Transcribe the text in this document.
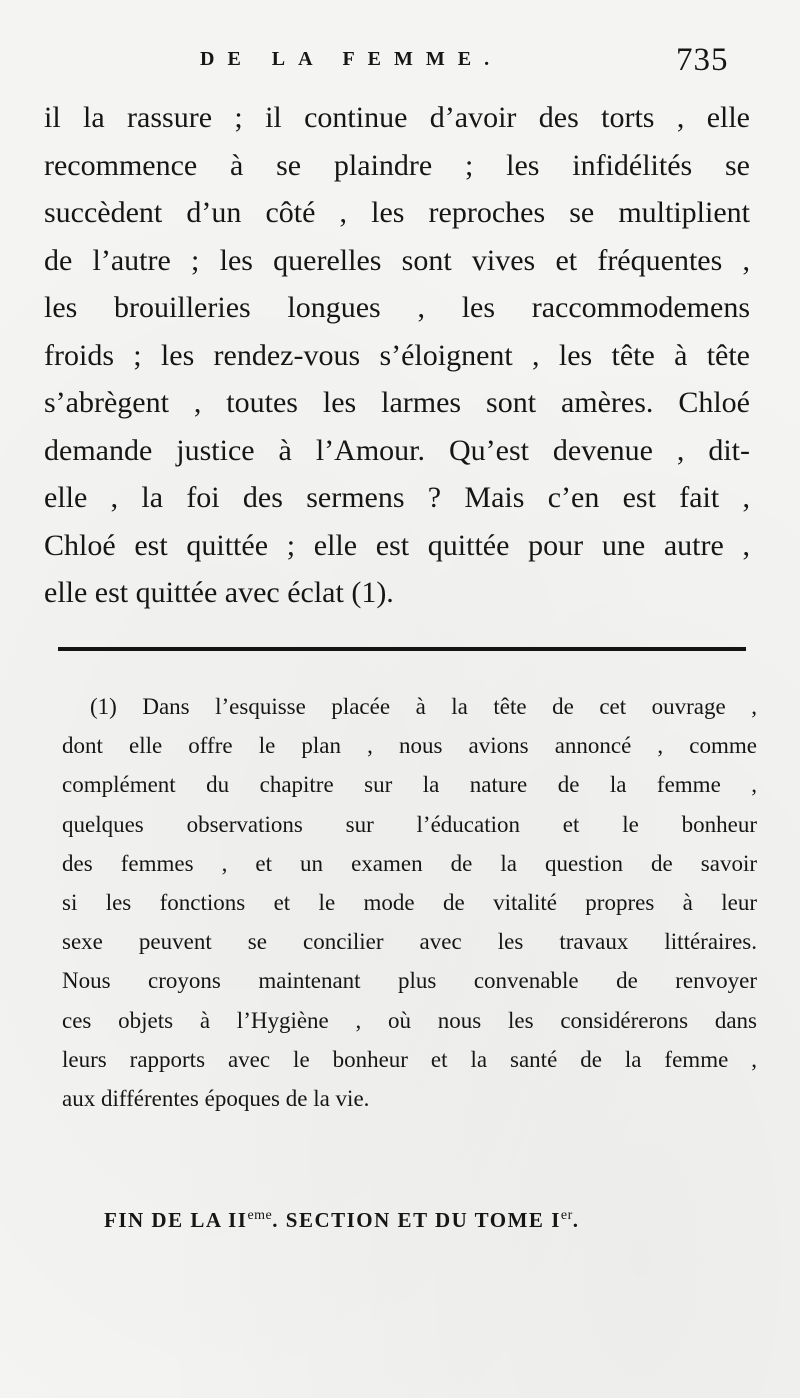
DE LA FEMME.	735
il la rassure ; il continue d’avoir des torts , elle
recommence à se plaindre ; les infidélités se
succèdent d’un côté , les reproches se multiplient
de l’autre ; les querelles sont vives et fréquentes ,
les brouilleries longues , les raccommodemens
froids ; les rendez-vous s’éloignent , les tête à tête
s’abrègent , toutes les larmes sont amères. Chloé
demande justice à l’Amour. Qu’est devenue , dit-
elle , la foi des sermens ? Mais c’en est fait ,
Chloé est quittée ; elle est quittée pour une autre ,
elle est quittée avec éclat (1).
(1) Dans l’esquisse placée à la tête de cet ouvrage ,
dont elle offre le plan , nous avions annoncé , comme
complément du chapitre sur la nature de la femme ,
quelques observations sur l’éducation et le bonheur
des femmes , et un examen de la question de savoir
si les fonctions et le mode de vitalité propres à leur
sexe peuvent se concilier avec les travaux littéraires.
Nous croyons maintenant plus convenable de renvoyer
ces objets à l’Hygiène , où nous les considérerons dans
leurs rapports avec le bonheur et la santé de la femme ,
aux différentes époques de la vie.
FIN DE LA IIeme. SECTION ET DU TOME Ier.
